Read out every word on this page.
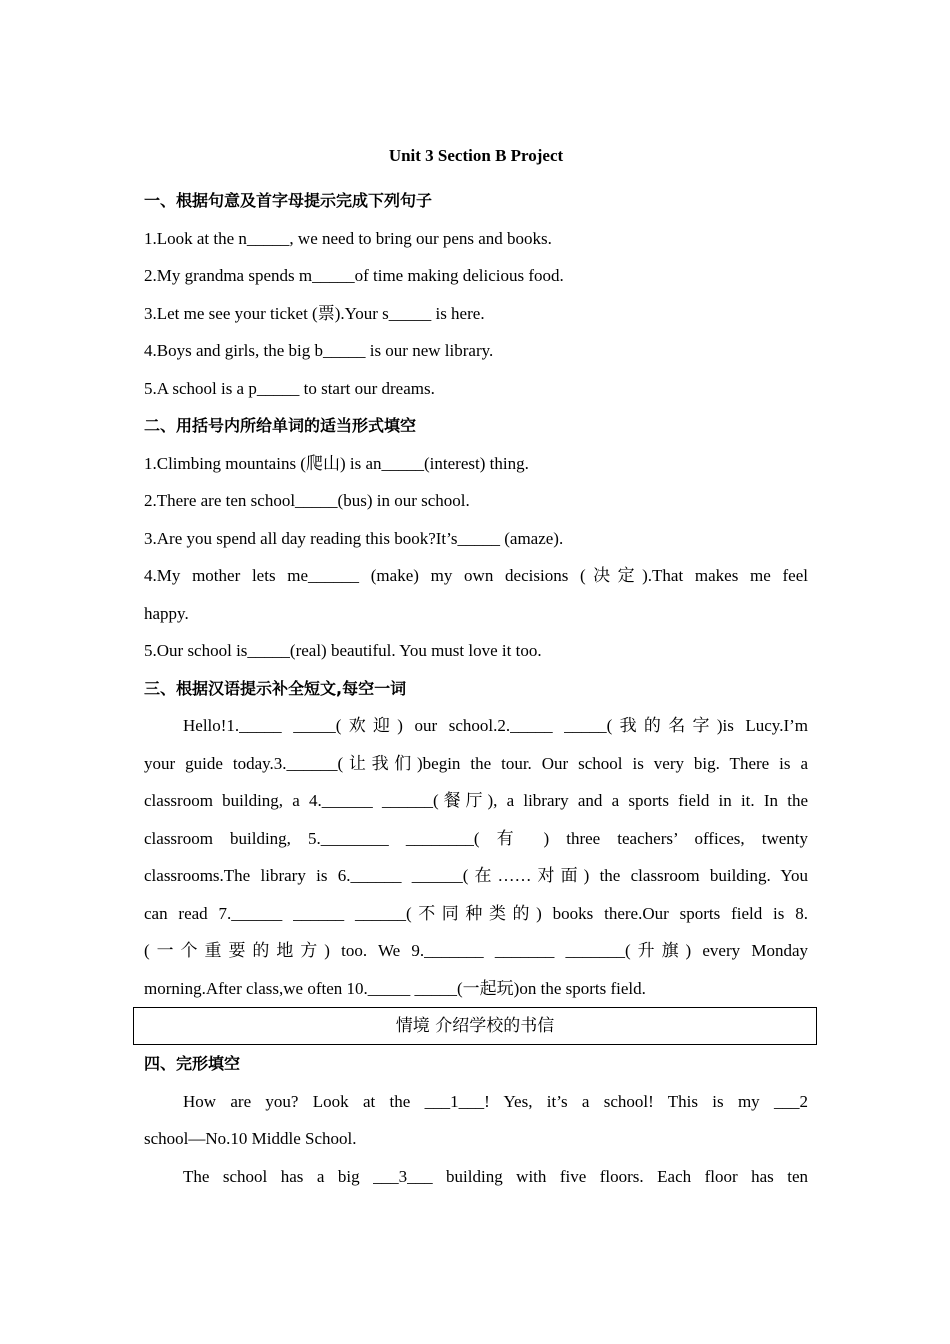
Unit 3 Section B Project
一、根据句意及首字母提示完成下列句子
1.Look at the n_____, we need to bring our pens and books.
2.My grandma spends m_____of time making delicious food.
3.Let me see your ticket (票).Your s_____ is here.
4.Boys and girls, the big b_____ is our new library.
5.A school is a p_____ to start our dreams.
二、用括号内所给单词的适当形式填空
1.Climbing mountains (爬山) is an_____(interest) thing.
2.There are ten school_____(bus) in our school.
3.Are you spend all day reading this book?It’s_____ (amaze).
4.My mother lets me______ (make) my own decisions (决定).That makes me feel
happy.
5.Our school is_____(real) beautiful. You must love it too.
三、根据汉语提示补全短文,每空一词
Hello!1._____ _____(欢迎) our school.2._____ _____(我的名字)is Lucy.I’m
your guide today.3.______(让我们)begin the tour. Our school is very big. There is a
classroom building, a 4.______ ______(餐厅), a library and a sports field in it. In the
classroom building, 5.________ ________( 有 ) three teachers’ offices, twenty
classrooms.The library is 6.______ ______(在……对面) the classroom building. You
can read 7.______ ______ ______(不同种类的) books there.Our sports field is 8.
(一个重要的地方) too. We 9._______ _______ _______(升旗) every Monday
morning.After class,we often 10._____ _____(一起玩)on the sports field.
情境 介绍学校的书信
四、完形填空
How are you? Look at the ___1___! Yes, it’s a school! This is my ___2
school—No.10 Middle School.
The school has a big ___3___ building with five floors. Each floor has ten
